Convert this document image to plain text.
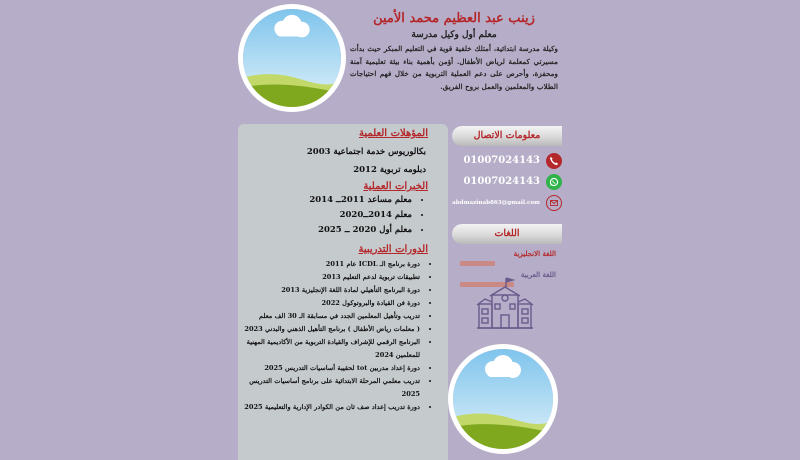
زينب عبد العظيم محمد الأمين
معلم أول وكيل مدرسة
وكيلة مدرسة ابتدائية، أمتلك خلفية قوية في التعليم المبكر حيث بدأت مسيرتي كمعلمة لرياض الأطفال. أؤمن بأهمية بناء بيئة تعليمية آمنة ومحفزة، وأحرص على دعم العملية التربوية من خلال فهم احتياجات الطلاب والمعلمين والعمل بروح الفريق.
المؤهلات العلمية
بكالوريوس خدمة اجتماعية 2003
دبلومه تربوية 2012
الخبرات العملية
• معلم مساعد 2011ــ 2014
• معلم 2014ــ2020
• معلم أول 2020 ــ 2025
الدورات التدريبية
• دورة برنامج الـ ICDL عام 2011
• تطبيقات تربوية لدعم التعليم 2013
• دورة البرنامج التأهيلي لمادة اللغة الإنجليزية 2013
• دورة فن القيادة والبروتوكول 2022
• تدريب وتأهيل المعلمين الجدد في مسابقة الـ 30 الف معلم
• ( معلمات رياض الأطفال ) برنامج التأهيل الذهني والبدني 2023
• البرنامج الرقمي للإشراف والقيادة التربوية من الأكاديمية المهنية للمعلمين 2024
• دورة إعداد مدربين tot لحقيبة أساسيات التدريس 2025
• تدريب معلمي المرحلة الابتدائية على برنامج أساسيات التدريس 2025
• دورة تدريب إعداد صف ثان من الكوادر الإدارية والتعليمية 2025
معلومات الاتصال
01007024143
01007024143
abdmazinab863@gmail.com
اللغات
اللغة الانجليزية
اللغة العربية
